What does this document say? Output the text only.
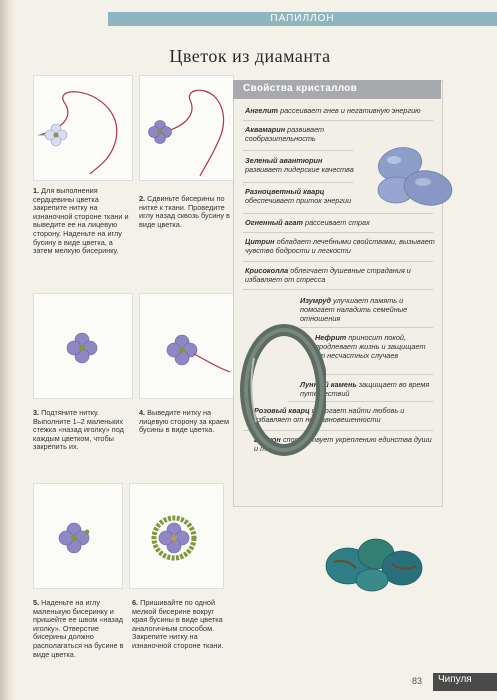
ПАПИЛЛОН
Цветок из диаманта
1. Для выполнения сердцевины цветка закрепите нитку на изнаночной стороне ткани и выведите ее на лицевую сторону. Наденьте на иглу бусину в виде цветка, а затем мелкую бисеринку.
2. Сдвиньте бисерины по нитке к ткани. Проведите иглу назад сквозь бусину в виде цветка.
3. Подтяните нитку. Выполните 1–2 маленьких стежка «назад иголку» под каждым цветком, чтобы закрепить их.
4. Выведите нитку на лицевую сторону за краем бусины в виде цветка.
5. Наденьте на иглу маленькую бисеринку и пришейте ее швом «назад иголку». Отверстие бисерины должно располагаться на бусине в виде цветка.
6. Пришивайте по одной мелкой бисерине вокруг края бусины в виде цветка аналогичным способом. Закрепите нитку на изнаночной стороне ткани.
Свойства кристаллов
Ангелит рассеивает гнев и негативную энергию
Аквамарин развивает сообразительность
Зеленый авантюрин развивает лидерские качества
Разноцветный кварц обеспечивает приток энергии
Огненный агат рассеивает страх
Цитрин обладает лечебными свойствами, вызывает чувство бодрости и легкости
Крисоколла облегчает душевные страдания и избавляет от стресса
Изумруд улучшает память и помогает наладить семейные отношения
Нефрит приносит покой, продлевает жизнь и защищает от несчастных случаев
Лунный камень защищает во время путешествий
Розовый кварц помогает найти любовь и избавляет от неуравновешенности
Циркон способствует укреплению единства души и тела
83 Чипуля
